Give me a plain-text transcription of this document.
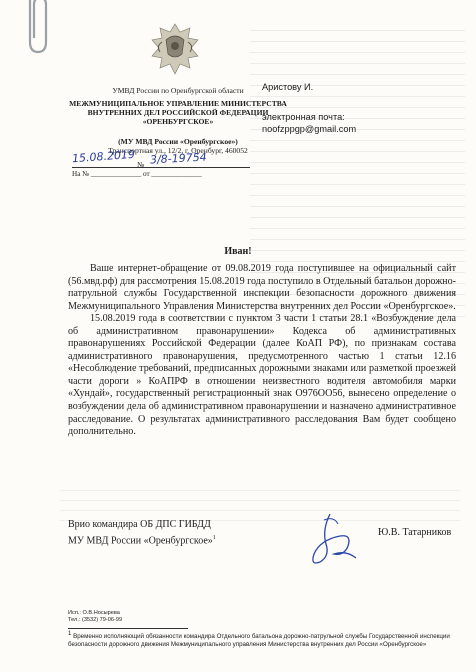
УМВД России по Оренбургской области
МЕЖМУНИЦИПАЛЬНОЕ УПРАВЛЕНИЕ МИНИСТЕРСТВА ВНУТРЕННИХ ДЕЛ РОССИЙСКОЙ ФЕДЕРАЦИИ «ОРЕНБУРГСКОЕ»
(МУ МВД России «Оренбургское»)
Транспортная ул., 12/2, г. Оренбург, 460052
№
15.08.2019 3/8-19754
На № ______________ от ______________
Аристову И.
электронная почта:
noofzppgp@gmail.com
Иван!

Ваше интернет-обращение от 09.08.2019 года поступившее на официальный сайт (56.мвд.рф) для рассмотрения 15.08.2019 года поступило в Отдельный батальон дорожно-патрульной службы Государственной инспекции безопасности дорожного движения Межмуниципального Управления Министерства внутренних дел России «Оренбургское».

15.08.2019 года в соответствии с пунктом 3 части 1 статьи 28.1 «Возбуждение дела об административном правонарушении» Кодекса об административных правонарушениях Российской Федерации (далее КоАП РФ), по признакам состава административного правонарушения, предусмотренного частью 1 статьи 12.16 «Несоблюдение требований, предписанных дорожными знаками или разметкой проезжей части дороги » КоАПРФ в отношении неизвестного водителя автомобиля марки «Хундай», государственный регистрационный знак О976ОО56, вынесено определение о возбуждении дела об административном правонарушении и назначено административное расследование. О результатах административного расследования Вам будет сообщено дополнительно.

Врио командира ОБ ДПС ГИБДД
МУ МВД России «Оренбургское»$^1$	Ю.В. Татарников
Исп.: О.В.Носырева
Тел.: (3532) 79-06-99
$^1$ Временно исполняющий обязанности командира Отдельного батальона дорожно-патрульной службы Государственной инспекции безопасности дорожного движения Межмуниципального управления Министерства внутренних дел России «Оренбургское»
